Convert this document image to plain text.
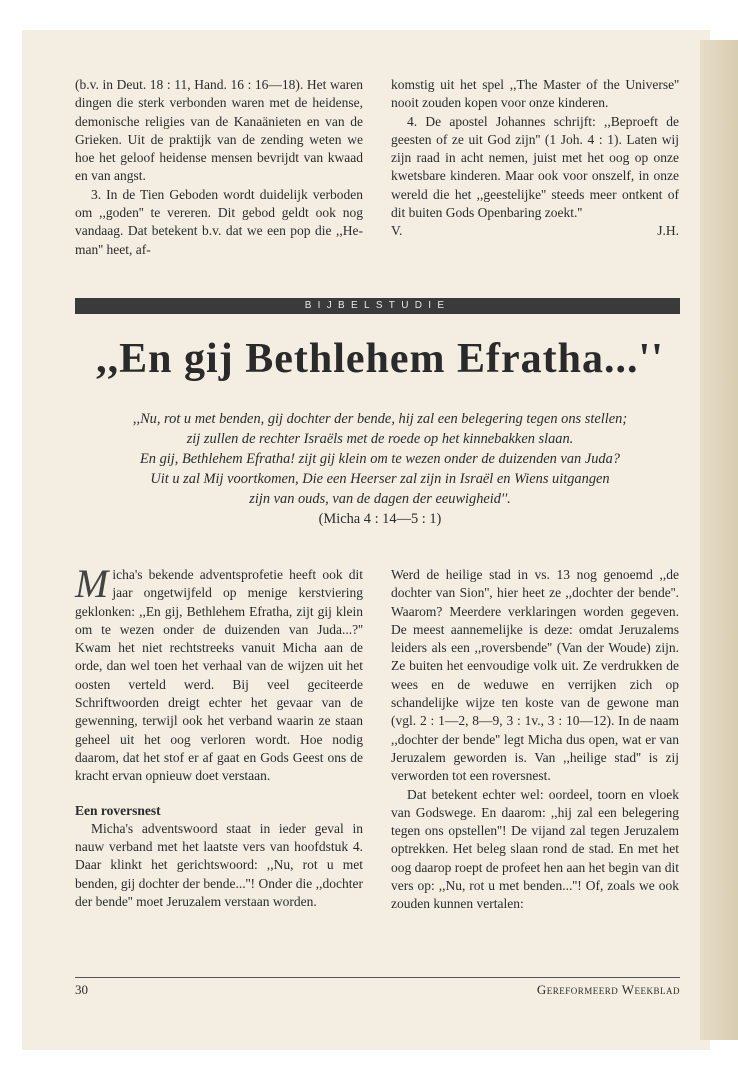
(b.v. in Deut. 18 : 11, Hand. 16 : 16—18). Het waren dingen die sterk verbonden waren met de heidense, demonische religies van de Kanaänieten en van de Grieken. Uit de praktijk van de zending weten we hoe het geloof heidense mensen bevrijdt van kwaad en van angst.

3. In de Tien Geboden wordt duidelijk verboden om ,,goden'' te vereren. Dit gebod geldt ook nog vandaag. Dat betekent b.v. dat we een pop die ,,He-man'' heet, af-

komstig uit het spel ,,The Master of the Universe'' nooit zouden kopen voor onze kinderen.

4. De apostel Johannes schrijft: ,,Beproeft de geesten of ze uit God zijn'' (1 Joh. 4 : 1). Laten wij zijn raad in acht nemen, juist met het oog op onze kwetsbare kinderen. Maar ook voor onszelf, in onze wereld die het ,,geestelijke'' steeds meer ontkent of dit buiten Gods Openbaring zoekt.''

V.	J.H.
BIJBELSTUDIE
,,En gij Bethlehem Efratha...''
,,Nu, rot u met benden, gij dochter der bende, hij zal een belegering tegen ons stellen;
zij zullen de rechter Israëls met de roede op het kinnebakken slaan.
En gij, Bethlehem Efratha! zijt gij klein om te wezen onder de duizenden van Juda?
Uit u zal Mij voortkomen, Die een Heerser zal zijn in Israël en Wiens uitgangen
zijn van ouds, van de dagen der eeuwigheid''.
(Micha 4 : 14—5 : 1)

Micha's bekende adventsprofetie heeft ook dit jaar ongetwijfeld op menige kerstviering geklonken: ,,En gij, Bethlehem Efratha, zijt gij klein om te wezen onder de duizenden van Juda...?'' Kwam het niet rechtstreeks vanuit Micha aan de orde, dan wel toen het verhaal van de wijzen uit het oosten verteld werd. Bij veel geciteerde Schriftwoorden dreigt echter het gevaar van de gewenning, terwijl ook het verband waarin ze staan geheel uit het oog verloren wordt. Hoe nodig daarom, dat het stof er af gaat en Gods Geest ons de kracht ervan opnieuw doet verstaan.

Een roversnest

Micha's adventswoord staat in ieder geval in nauw verband met het laatste vers van hoofdstuk 4. Daar klinkt het gerichtswoord: ,,Nu, rot u met benden, gij dochter der bende...''! Onder die ,,dochter der bende'' moet Jeruzalem verstaan worden.

Werd de heilige stad in vs. 13 nog genoemd ,,de dochter van Sion'', hier heet ze ,,dochter der bende''. Waarom? Meerdere verklaringen worden gegeven. De meest aannemelijke is deze: omdat Jeruzalems leiders als een ,,roversbende'' (Van der Woude) zijn. Ze buiten het eenvoudige volk uit. Ze verdrukken de wees en de weduwe en verrijken zich op schandelijke wijze ten koste van de gewone man (vgl. 2 : 1—2, 8—9, 3 : 1v., 3 : 10—12). In de naam ,,dochter der bende'' legt Micha dus open, wat er van Jeruzalem geworden is. Van ,,heilige stad'' is zij verworden tot een roversnest.

Dat betekent echter wel: oordeel, toorn en vloek van Godswege. En daarom: ,,hij zal een belegering tegen ons opstellen''! De vijand zal tegen Jeruzalem optrekken. Het beleg slaan rond de stad. En met het oog daarop roept de profeet hen aan het begin van dit vers op: ,,Nu, rot u met benden...''! Of, zoals we ook zouden kunnen vertalen:

30	Gereformeerd Weekblad
